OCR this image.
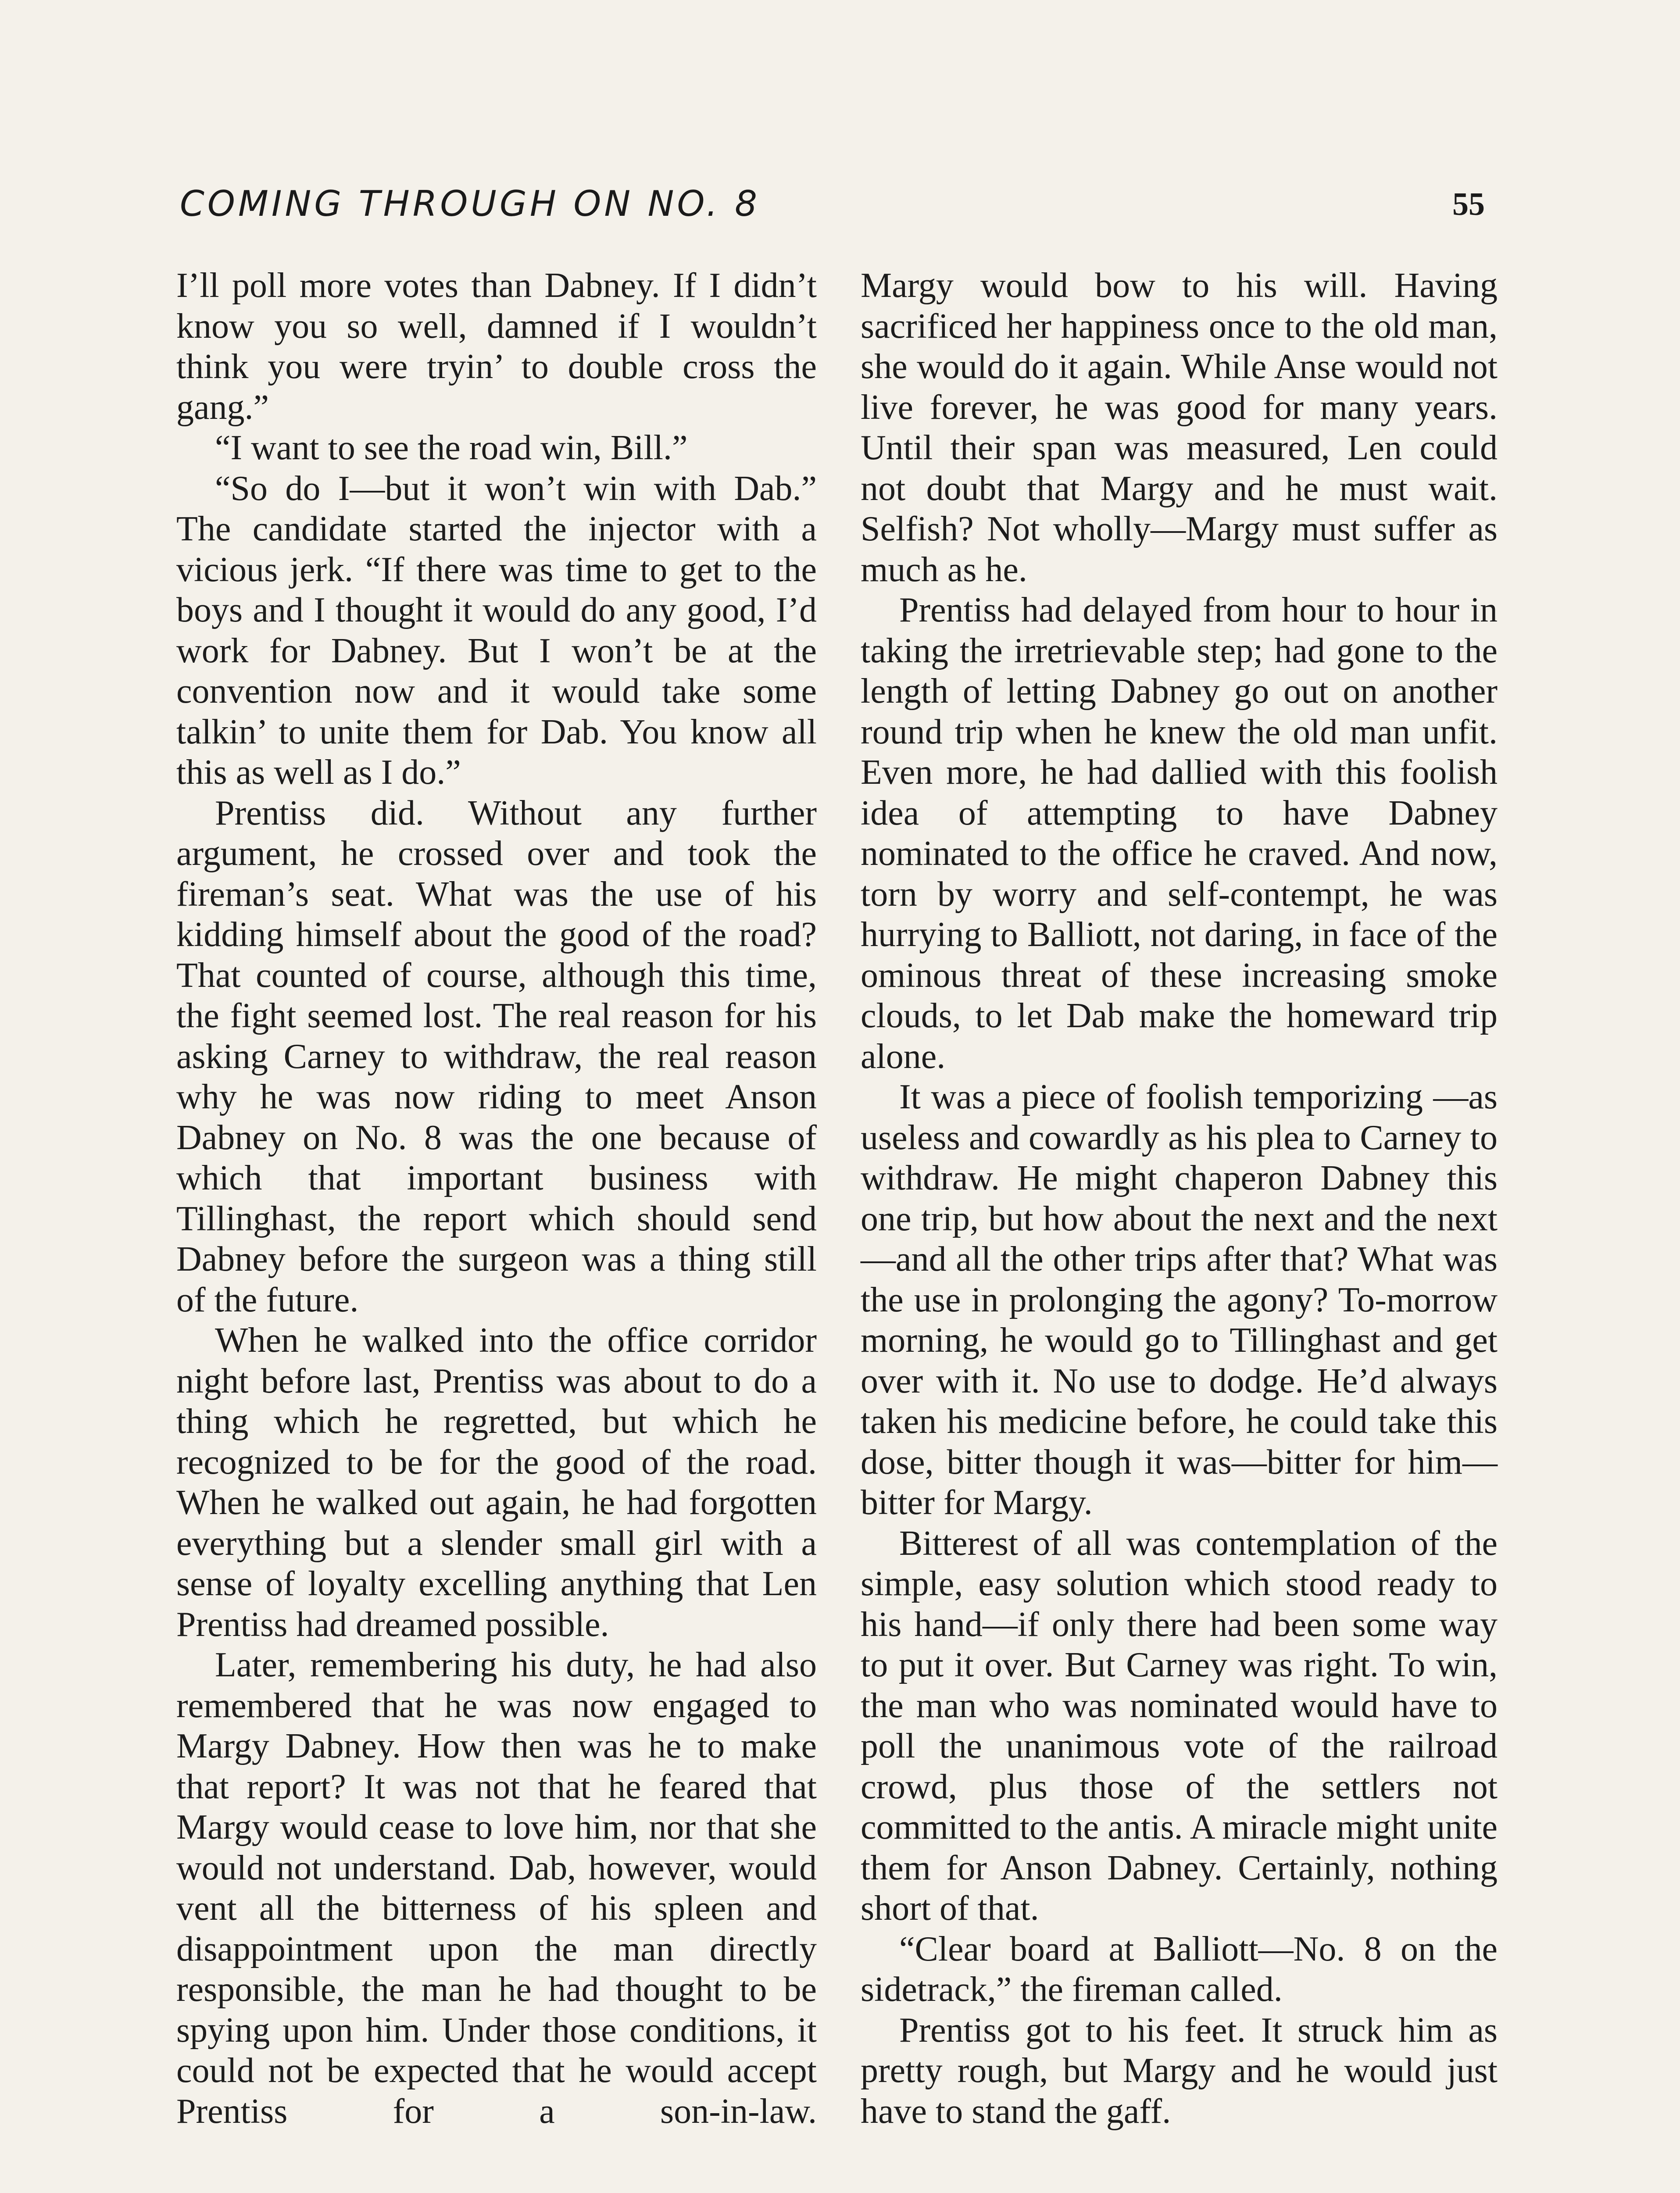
COMING THROUGH ON NO. 8	55

I’ll poll more votes than Dabney. If I didn’t know you so well, damned if I wouldn’t think you were tryin’ to double cross the gang.”

“I want to see the road win, Bill.”

“So do I—but it won’t win with Dab.” The candidate started the injector with a vicious jerk. “If there was time to get to the boys and I thought it would do any good, I’d work for Dabney. But I won’t be at the convention now and it would take some talkin’ to unite them for Dab. You know all this as well as I do.”

Prentiss did. Without any further argument, he crossed over and took the fireman’s seat. What was the use of his kidding himself about the good of the road? That counted of course, although this time, the fight seemed lost. The real reason for his asking Carney to withdraw, the real reason why he was now riding to meet Anson Dabney on No. 8 was the one because of which that important business with Tillinghast, the report which should send Dabney before the surgeon was a thing still of the future.

When he walked into the office corridor night before last, Prentiss was about to do a thing which he regretted, but which he recognized to be for the good of the road. When he walked out again, he had forgotten everything but a slender small girl with a sense of loyalty excelling anything that Len Prentiss had dreamed possible.

Later, remembering his duty, he had also remembered that he was now engaged to Margy Dabney. How then was he to make that report? It was not that he feared that Margy would cease to love him, nor that she would not understand. Dab, however, would vent all the bitterness of his spleen and disappointment upon the man directly responsible, the man he had thought to be spying upon him. Under those conditions, it could not be expected that he would accept Prentiss for a son-in-law.

Margy would bow to his will. Having sacrificed her happiness once to the old man, she would do it again. While Anse would not live forever, he was good for many years. Until their span was measured, Len could not doubt that Margy and he must wait. Selfish? Not wholly—Margy must suffer as much as he.

Prentiss had delayed from hour to hour in taking the irretrievable step; had gone to the length of letting Dabney go out on another round trip when he knew the old man unfit. Even more, he had dallied with this foolish idea of attempting to have Dabney nominated to the office he craved. And now, torn by worry and self-contempt, he was hurrying to Balliott, not daring, in face of the ominous threat of these increasing smoke clouds, to let Dab make the homeward trip alone.

It was a piece of foolish temporizing —as useless and cowardly as his plea to Carney to withdraw. He might chaperon Dabney this one trip, but how about the next and the next—and all the other trips after that? What was the use in prolonging the agony? To-morrow morning, he would go to Tillinghast and get over with it. No use to dodge. He’d always taken his medicine before, he could take this dose, bitter though it was—bitter for him—bitter for Margy.

Bitterest of all was contemplation of the simple, easy solution which stood ready to his hand—if only there had been some way to put it over. But Carney was right. To win, the man who was nominated would have to poll the unanimous vote of the railroad crowd, plus those of the settlers not committed to the antis. A miracle might unite them for Anson Dabney. Certainly, nothing short of that.

“Clear board at Balliott—No. 8 on the sidetrack,” the fireman called.

Prentiss got to his feet. It struck him as pretty rough, but Margy and he would just have to stand the gaff.
